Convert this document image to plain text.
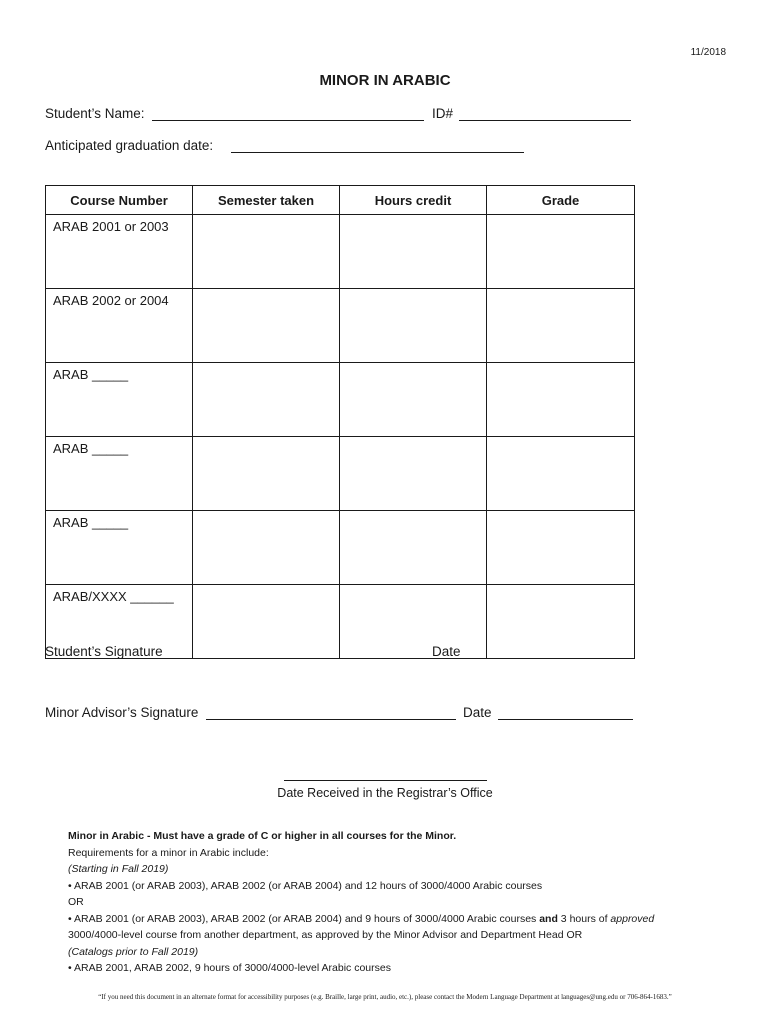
11/2018
MINOR IN ARABIC
Student’s Name:	ID#
Anticipated graduation date:
Course Number	Semester taken	Hours credit	Grade
ARAB 2001 or 2003			
ARAB 2002 or 2004			
ARAB _____			
ARAB _____			
ARAB _____			
ARAB/XXXX ______			
Student’s Signature	Date
Minor Advisor’s Signature	Date
Date Received in the Registrar’s Office

Minor in Arabic - Must have a grade of C or higher in all courses for the Minor.

Requirements for a minor in Arabic include:

(Starting in Fall 2019)

• ARAB 2001 (or ARAB 2003), ARAB 2002 (or ARAB 2004) and 12 hours of 3000/4000 Arabic courses

OR

• ARAB 2001 (or ARAB 2003), ARAB 2002 (or ARAB 2004) and 9 hours of 3000/4000 Arabic courses and 3 hours of approved

3000/4000-level course from another department, as approved by the Minor Advisor and Department Head OR

(Catalogs prior to Fall 2019)

• ARAB 2001, ARAB 2002, 9 hours of 3000/4000-level Arabic courses

“If you need this document in an alternate format for accessibility purposes (e.g. Braille, large print, audio, etc.), please contact the Modern Language Department at languages@ung.edu or 706-864-1683.”
